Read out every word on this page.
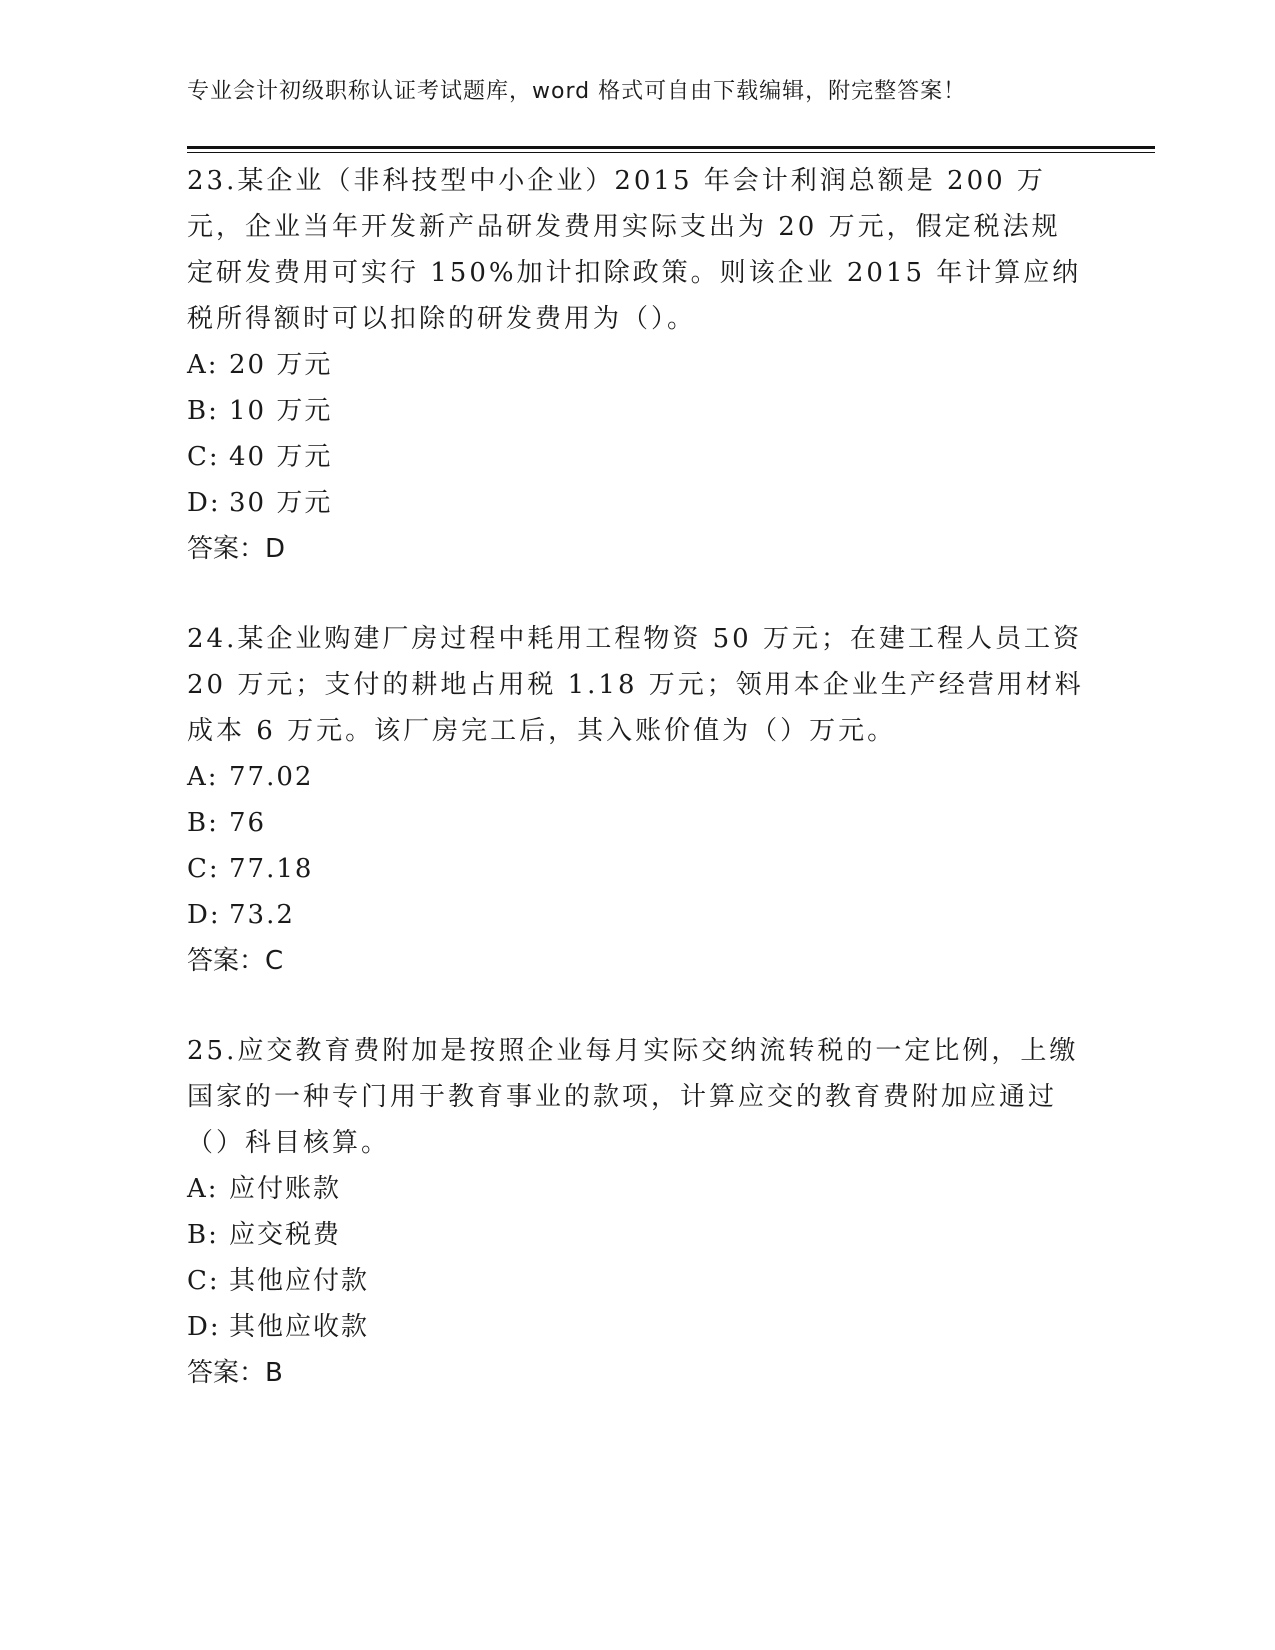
专业会计初级职称认证考试题库，word 格式可自由下载编辑，附完整答案！

23.某企业（非科技型中小企业）2015 年会计利润总额是 200 万元，企业当年开发新产品研发费用实际支出为 20 万元，假定税法规定研发费用可实行 150%加计扣除政策。则该企业 2015 年计算应纳税所得额时可以扣除的研发费用为（）。

A: 20 万元

B: 10 万元

C: 40 万元

D: 30 万元

答案：D

24.某企业购建厂房过程中耗用工程物资 50 万元；在建工程人员工资 20 万元；支付的耕地占用税 1.18 万元；领用本企业生产经营用材料成本 6 万元。该厂房完工后，其入账价值为（）万元。

A: 77.02

B: 76

C: 77.18

D: 73.2

答案：C

25.应交教育费附加是按照企业每月实际交纳流转税的一定比例，上缴国家的一种专门用于教育事业的款项，计算应交的教育费附加应通过（）科目核算。

A: 应付账款

B: 应交税费

C: 其他应付款

D: 其他应收款

答案：B
